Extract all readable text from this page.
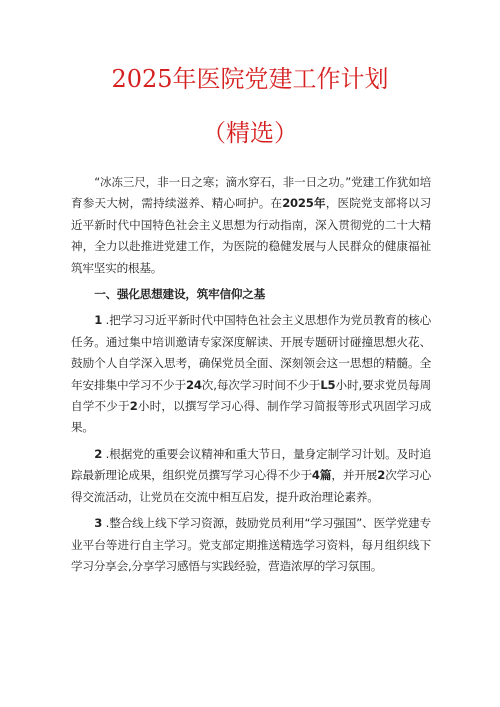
2025年医院党建工作计划
（精选）

“冰冻三尺，非一日之寒；滴水穿石，非一日之功。”党建工作犹如培育参天大树，需持续滋养、精心呵护。在2025年，医院党支部将以习近平新时代中国特色社会主义思想为行动指南，深入贯彻党的二十大精神，全力以赴推进党建工作，为医院的稳健发展与人民群众的健康福祉筑牢坚实的根基。

一、强化思想建设，筑牢信仰之基

1 .把学习习近平新时代中国特色社会主义思想作为党员教育的核心任务。通过集中培训邀请专家深度解读、开展专题研讨碰撞思想火花、鼓励个人自学深入思考，确保党员全面、深刻领会这一思想的精髓。全年安排集中学习不少于24次,每次学习时间不少于L5小时,要求党员每周自学不少于2小时，以撰写学习心得、制作学习简报等形式巩固学习成果。

2 .根据党的重要会议精神和重大节日，量身定制学习计划。及时追踪最新理论成果，组织党员撰写学习心得不少于4篇，并开展2次学习心得交流活动，让党员在交流中相互启发，提升政治理论素养。

3 .整合线上线下学习资源，鼓励党员利用“学习强国”、医学党建专业平台等进行自主学习。党支部定期推送精选学习资料，每月组织线下学习分享会,分享学习感悟与实践经验，营造浓厚的学习氛围。
